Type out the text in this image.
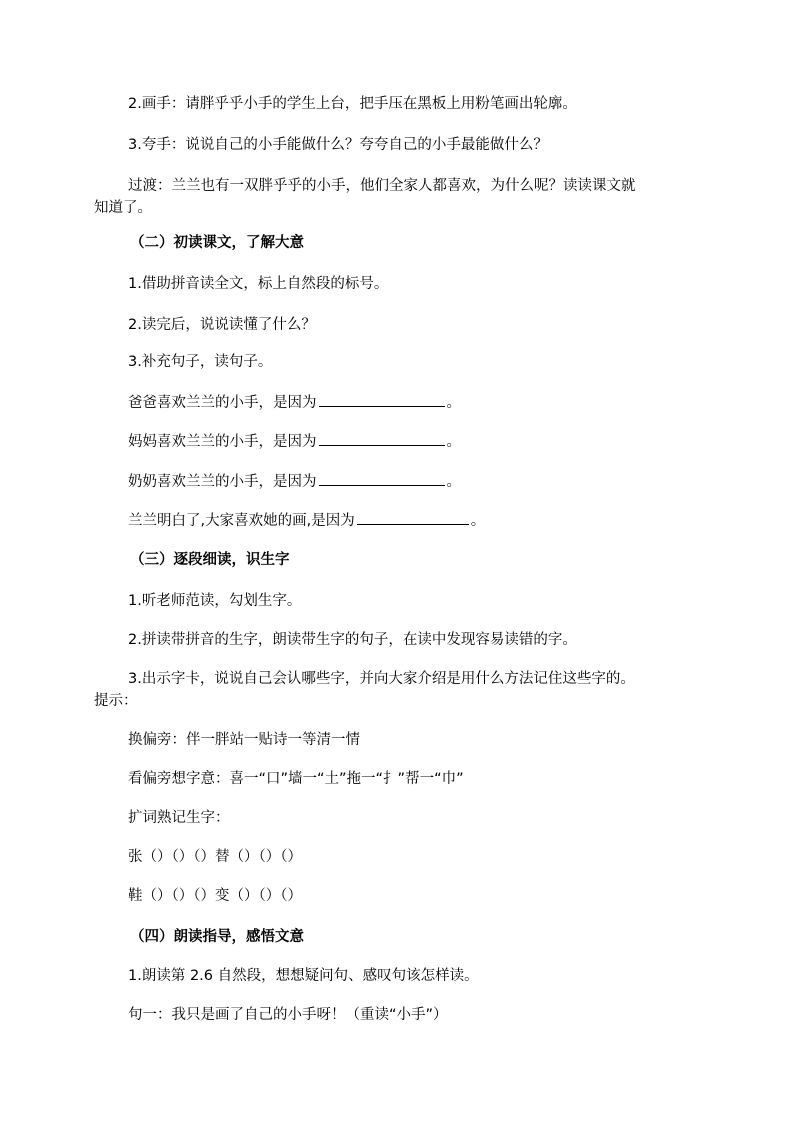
2.画手：请胖乎乎小手的学生上台，把手压在黑板上用粉笔画出轮廓。
3.夸手：说说自己的小手能做什么？夸夸自己的小手最能做什么？
过渡：兰兰也有一双胖乎乎的小手，他们全家人都喜欢，为什么呢？读读课文就
知道了。
（二）初读课文，了解大意
1.借助拼音读全文，标上自然段的标号。
2.读完后，说说读懂了什么？
3.补充句子，读句子。
爸爸喜欢兰兰的小手，是因为	。
妈妈喜欢兰兰的小手，是因为	。
奶奶喜欢兰兰的小手，是因为	。
兰兰明白了,大家喜欢她的画,是因为	。
（三）逐段细读，识生字
1.听老师范读，勾划生字。
2.拼读带拼音的生字，朗读带生字的句子，在读中发现容易读错的字。
3.出示字卡，说说自己会认哪些字，并向大家介绍是用什么方法记住这些字的。
提示：
换偏旁：伴一胖站一贴诗一等清一情
看偏旁想字意：喜一“口”墙一“土”拖一“扌”帮一“巾”
扩词熟记生字：
张（）（）（）替（）（）（）
鞋（）（）（）变（）（）（）
（四）朗读指导，感悟文意
1.朗读第 2.6 自然段，想想疑问句、感叹句该怎样读。
句一：我只是画了自己的小手呀！（重读“小手”）
